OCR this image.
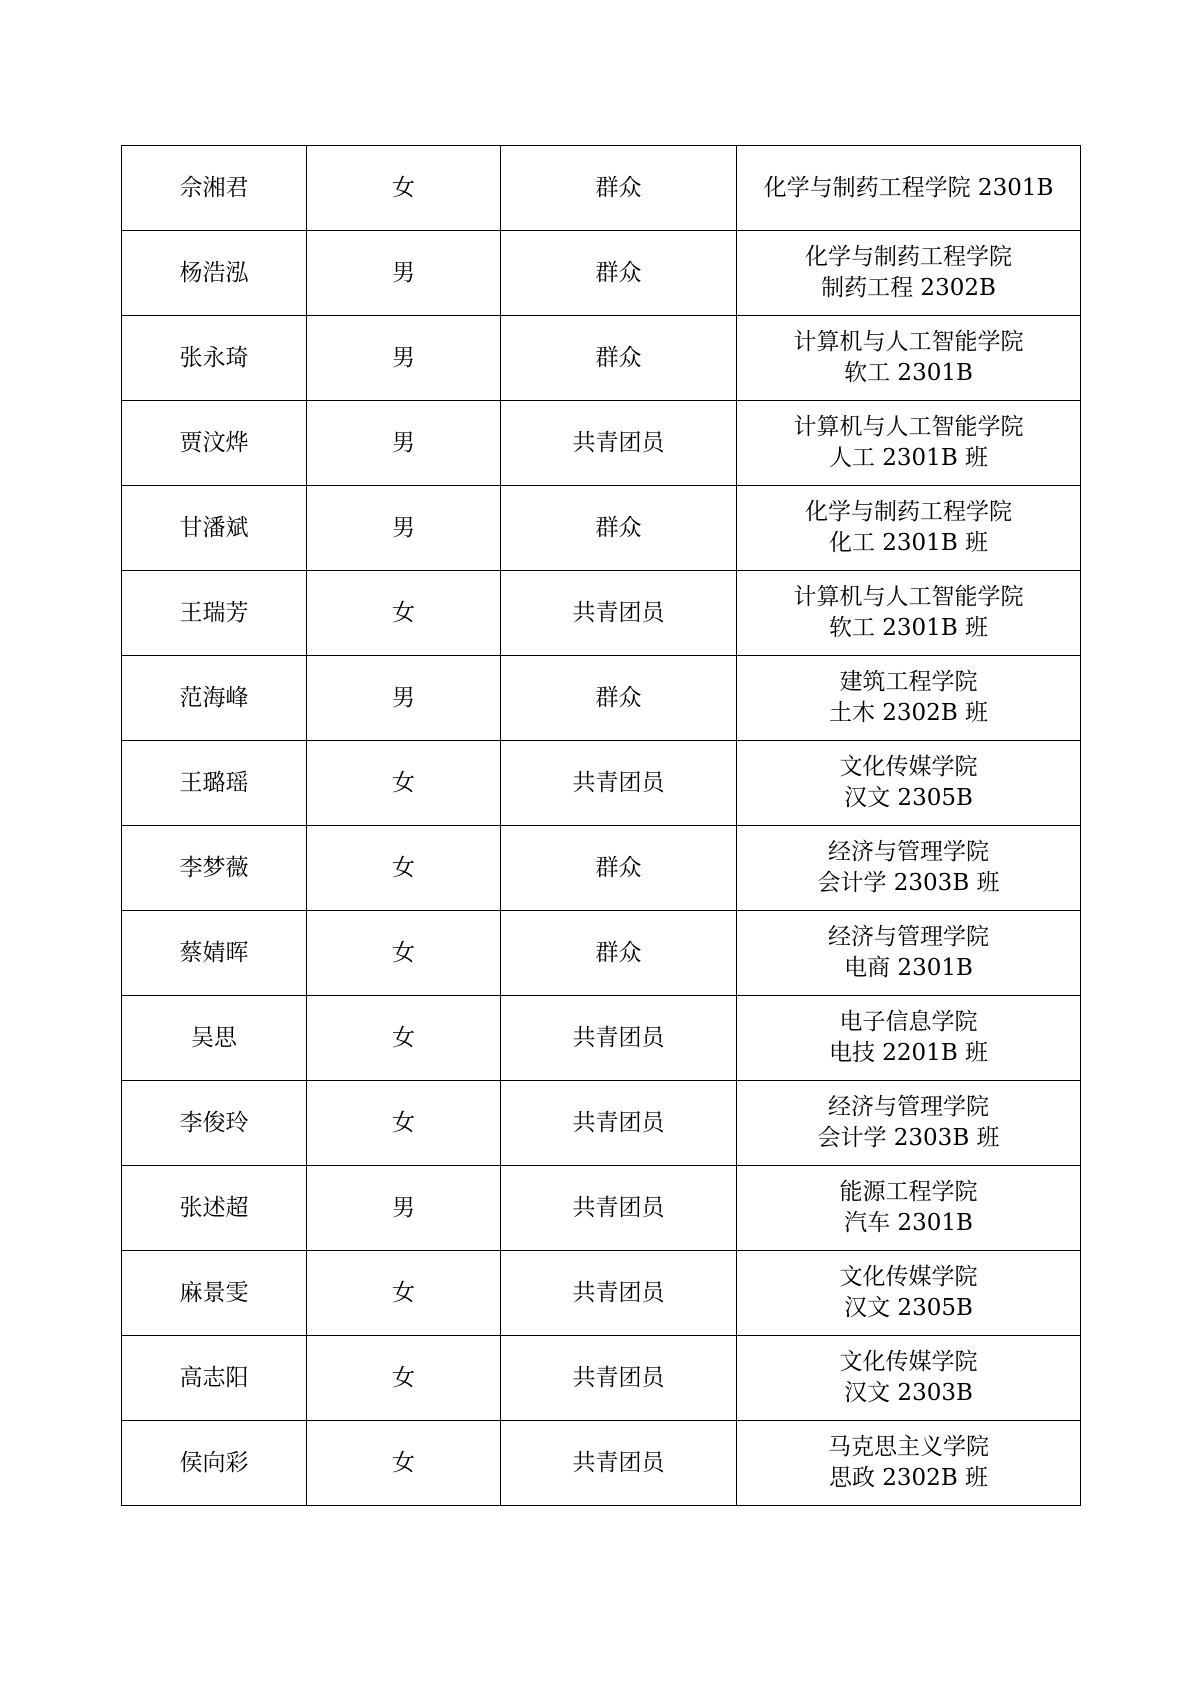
佘湘君	女	群众	化学与制药工程学院 2301B

杨浩泓	男	群众	化学与制药工程学院
制药工程 2302B

张永琦	男	群众	计算机与人工智能学院
软工 2301B

贾汶烨	男	共青团员	计算机与人工智能学院
人工 2301B 班

甘潘斌	男	群众	化学与制药工程学院
化工 2301B 班

王瑞芳	女	共青团员	计算机与人工智能学院
软工 2301B 班

范海峰	男	群众	建筑工程学院
土木 2302B 班

王璐瑶	女	共青团员	文化传媒学院
汉文 2305B

李梦薇	女	群众	经济与管理学院
会计学 2303B 班

蔡婧晖	女	群众	经济与管理学院
电商 2301B

吴思	女	共青团员	电子信息学院
电技 2201B 班

李俊玲	女	共青团员	经济与管理学院
会计学 2303B 班

张述超	男	共青团员	能源工程学院
汽车 2301B

麻景雯	女	共青团员	文化传媒学院
汉文 2305B

高志阳	女	共青团员	文化传媒学院
汉文 2303B

侯向彩	女	共青团员	马克思主义学院
思政 2302B 班
